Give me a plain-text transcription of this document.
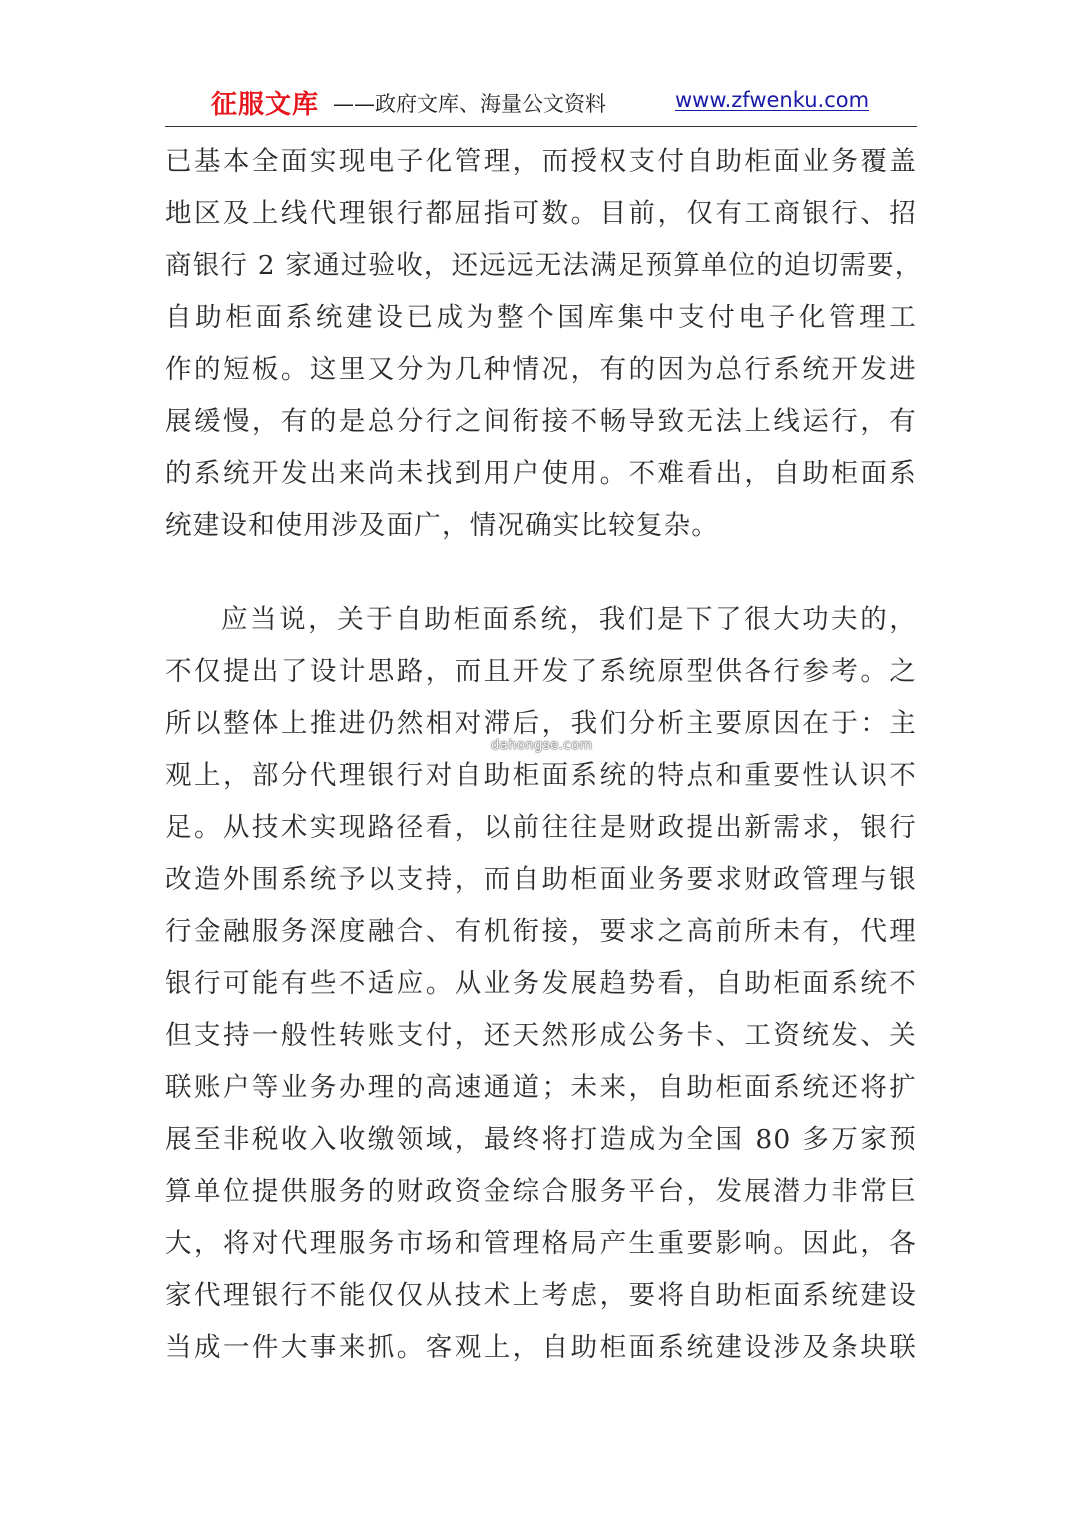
征服文库 ——政府文库、海量公文资料	www.zfwenku.com
已基本全面实现电子化管理，而授权支付自助柜面业务覆盖
地区及上线代理银行都屈指可数。目前，仅有工商银行、招
商银行 2 家通过验收，还远远无法满足预算单位的迫切需要，
自助柜面系统建设已成为整个国库集中支付电子化管理工
作的短板。这里又分为几种情况，有的因为总行系统开发进
展缓慢，有的是总分行之间衔接不畅导致无法上线运行，有
的系统开发出来尚未找到用户使用。不难看出，自助柜面系
统建设和使用涉及面广，情况确实比较复杂。
应当说，关于自助柜面系统，我们是下了很大功夫的，
不仅提出了设计思路，而且开发了系统原型供各行参考。之
所以整体上推进仍然相对滞后，我们分析主要原因在于：主
观上，部分代理银行对自助柜面系统的特点和重要性认识不
足。从技术实现路径看，以前往往是财政提出新需求，银行
改造外围系统予以支持，而自助柜面业务要求财政管理与银
行金融服务深度融合、有机衔接，要求之高前所未有，代理
银行可能有些不适应。从业务发展趋势看，自助柜面系统不
但支持一般性转账支付，还天然形成公务卡、工资统发、关
联账户等业务办理的高速通道；未来，自助柜面系统还将扩
展至非税收入收缴领域，最终将打造成为全国 80 多万家预
算单位提供服务的财政资金综合服务平台，发展潜力非常巨
大，将对代理服务市场和管理格局产生重要影响。因此，各
家代理银行不能仅仅从技术上考虑，要将自助柜面系统建设
当成一件大事来抓。客观上，自助柜面系统建设涉及条块联
dahongse.com
